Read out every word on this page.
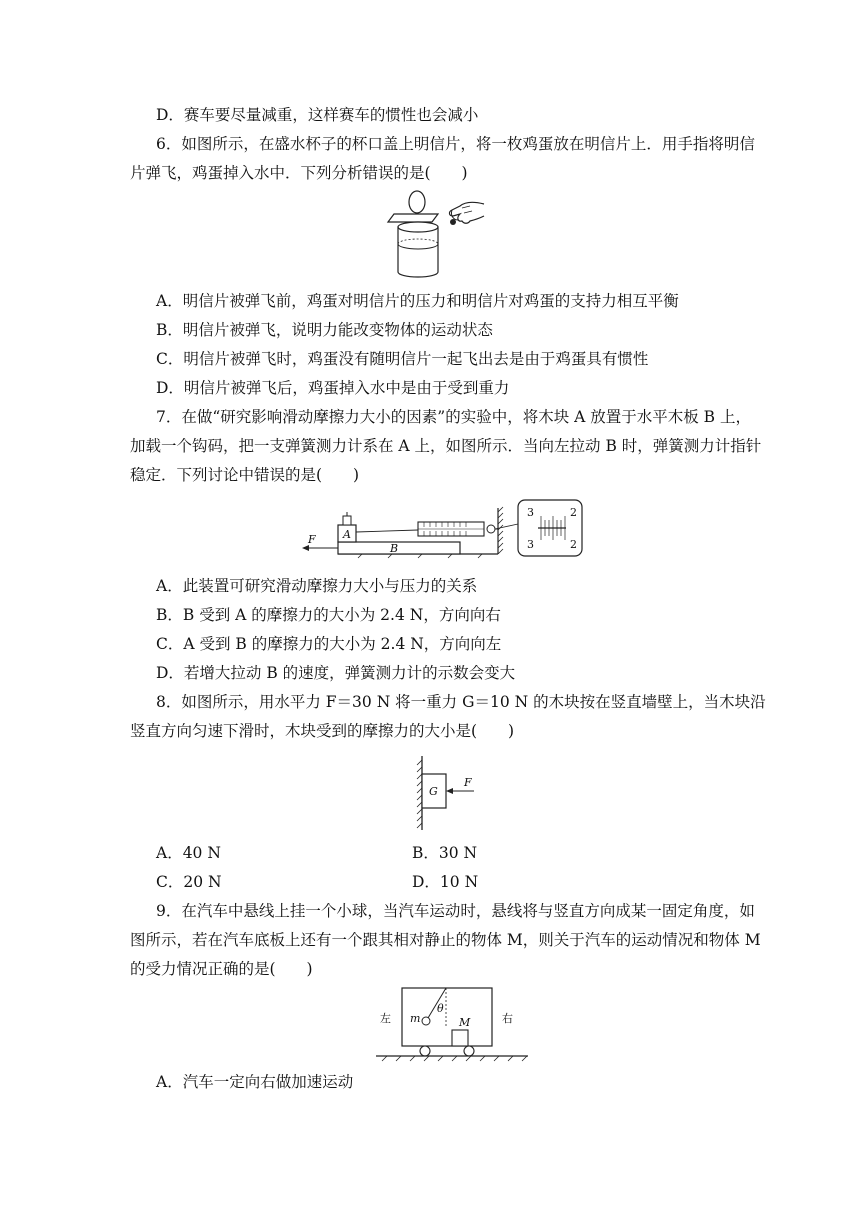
D．赛车要尽量减重，这样赛车的惯性也会减小
6．如图所示，在盛水杯子的杯口盖上明信片，将一枚鸡蛋放在明信片上．用手指将明信
片弹飞，鸡蛋掉入水中．下列分析错误的是(　　)
A．明信片被弹飞前，鸡蛋对明信片的压力和明信片对鸡蛋的支持力相互平衡
B．明信片被弹飞，说明力能改变物体的运动状态
C．明信片被弹飞时，鸡蛋没有随明信片一起飞出去是由于鸡蛋具有惯性
D．明信片被弹飞后，鸡蛋掉入水中是由于受到重力
7．在做“研究影响滑动摩擦力大小的因素”的实验中，将木块 A 放置于水平木板 B 上，
加载一个钩码，把一支弹簧测力计系在 A 上，如图所示．当向左拉动 B 时，弹簧测力计指针
稳定．下列讨论中错误的是(　　)
B
A
F
3
3
2
2
A．此装置可研究滑动摩擦力大小与压力的关系
B．B 受到 A 的摩擦力的大小为 2.4 N，方向向右
C．A 受到 B 的摩擦力的大小为 2.4 N，方向向左
D．若增大拉动 B 的速度，弹簧测力计的示数会变大
8．如图所示，用水平力 F＝30 N 将一重力 G＝10 N 的木块按在竖直墙壁上，当木块沿
竖直方向匀速下滑时，木块受到的摩擦力的大小是(　　)
G
F
A．40 N	B．30 N
C．20 N	D．10 N
9．在汽车中悬线上挂一个小球，当汽车运动时，悬线将与竖直方向成某一固定角度，如
图所示，若在汽车底板上还有一个跟其相对静止的物体 M，则关于汽车的运动情况和物体 M
的受力情况正确的是(　　)
左	右
m
θ
M
A．汽车一定向右做加速运动
